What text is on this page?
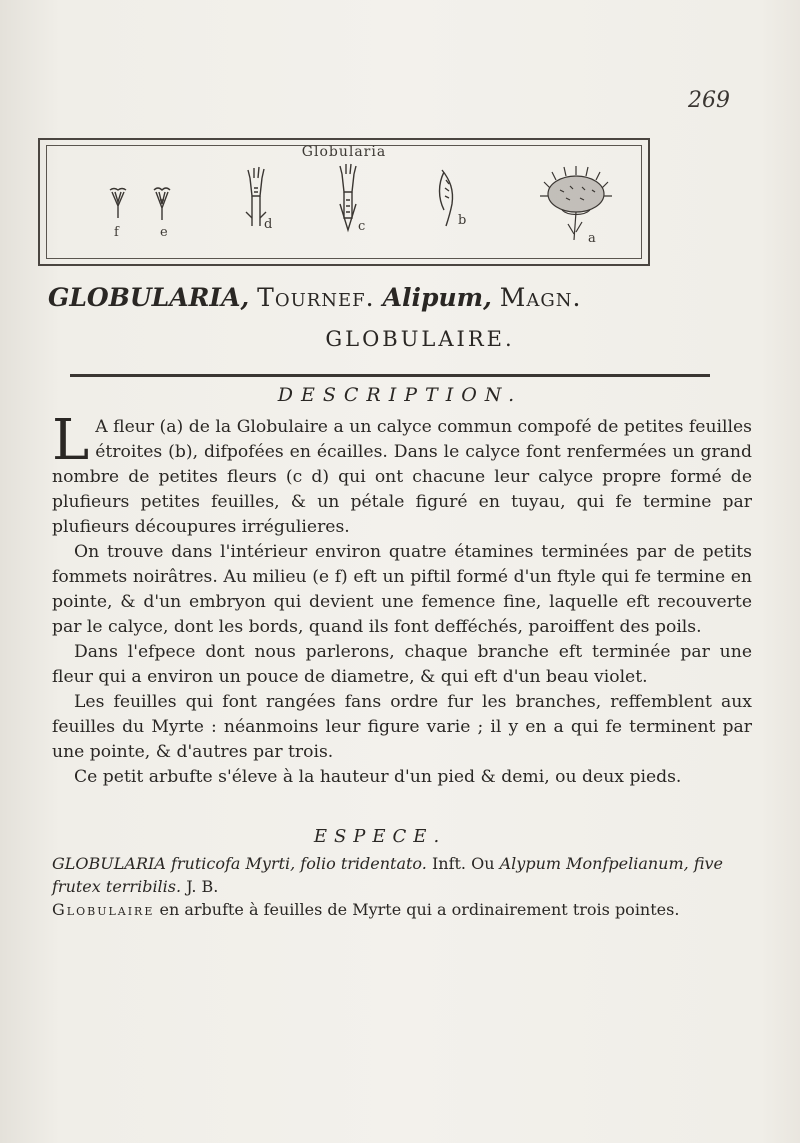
269
Globularia
f	e
d	c	b
a
GLOBULARIA, Tournef. Alipum, Magn.
GLOBULAIRE.
DESCRIPTION.

L A fleur (a) de la Globulaire a un calyce commun compofé de petites feuilles étroites (b), difpofées en écailles. Dans le calyce font renfermées un grand nombre de petites fleurs (c d) qui ont chacune leur calyce propre formé de plufieurs petites feuilles, & un pétale figuré en tuyau, qui fe termine par plufieurs découpures irrégulieres.

On trouve dans l'intérieur environ quatre étamines terminées par de petits fommets noirâtres. Au milieu (e f) eft un piftil formé d'un ftyle qui fe termine en pointe, & d'un embryon qui devient une femence fine, laquelle eft recouverte par le calyce, dont les bords, quand ils font defféchés, paroiffent des poils.

Dans l'efpece dont nous parlerons, chaque branche eft terminée par une fleur qui a environ un pouce de diametre, & qui eft d'un beau violet.

Les feuilles qui font rangées fans ordre fur les branches, reffemblent aux feuilles du Myrte : néanmoins leur figure varie ; il y en a qui fe terminent par une pointe, & d'autres par trois.

Ce petit arbufte s'éleve à la hauteur d'un pied & demi, ou deux pieds.

ESPECE.

GLOBULARIA fruticofa Myrti, folio tridentato. Inft. Ou Alypum Monfpelianum, five frutex terribilis. J. B.

Globulaire en arbufte à feuilles de Myrte qui a ordinairement trois pointes.
